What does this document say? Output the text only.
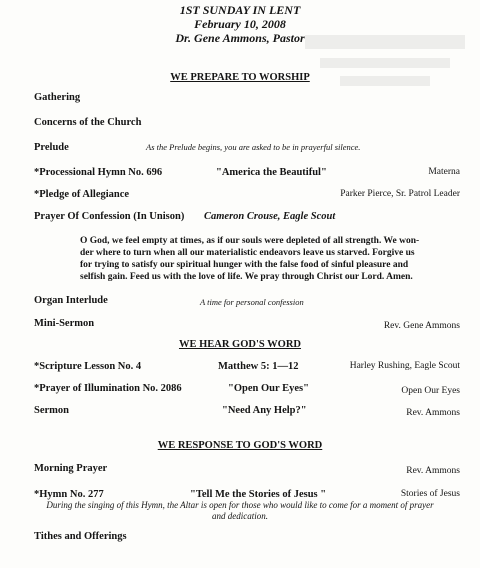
1ST SUNDAY IN LENT
February 10, 2008
Dr. Gene Ammons, Pastor
WE PREPARE TO WORSHIP
Gathering
Concerns of the Church
Prelude	As the Prelude begins, you are asked to be in prayerful silence.
*Processional Hymn No. 696	"America the Beautiful"	Materna
*Pledge of Allegiance	Parker Pierce, Sr. Patrol Leader
Prayer Of Confession (In Unison) Cameron Crouse, Eagle Scout
O God, we feel empty at times, as if our souls were depleted of all strength. We won-
der where to turn when all our materialistic endeavors leave us starved. Forgive us
for trying to satisfy our spiritual hunger with the false food of sinful pleasure and
selfish gain. Feed us with the love of life. We pray through Christ our Lord. Amen.
Organ Interlude	A time for personal confession
Mini-Sermon	Rev. Gene Ammons
WE HEAR GOD'S WORD
*Scripture Lesson No. 4	Matthew 5: 1—12	Harley Rushing, Eagle Scout
*Prayer of Illumination No. 2086	"Open Our Eyes"	Open Our Eyes
Sermon	"Need Any Help?"	Rev. Ammons
WE RESPONSE TO GOD'S WORD
Morning Prayer	Rev. Ammons
*Hymn No. 277	"Tell Me the Stories of Jesus "	Stories of Jesus
During the singing of this Hymn, the Altar is open for those who would like to come for a moment of prayer
and dedication.
Tithes and Offerings
